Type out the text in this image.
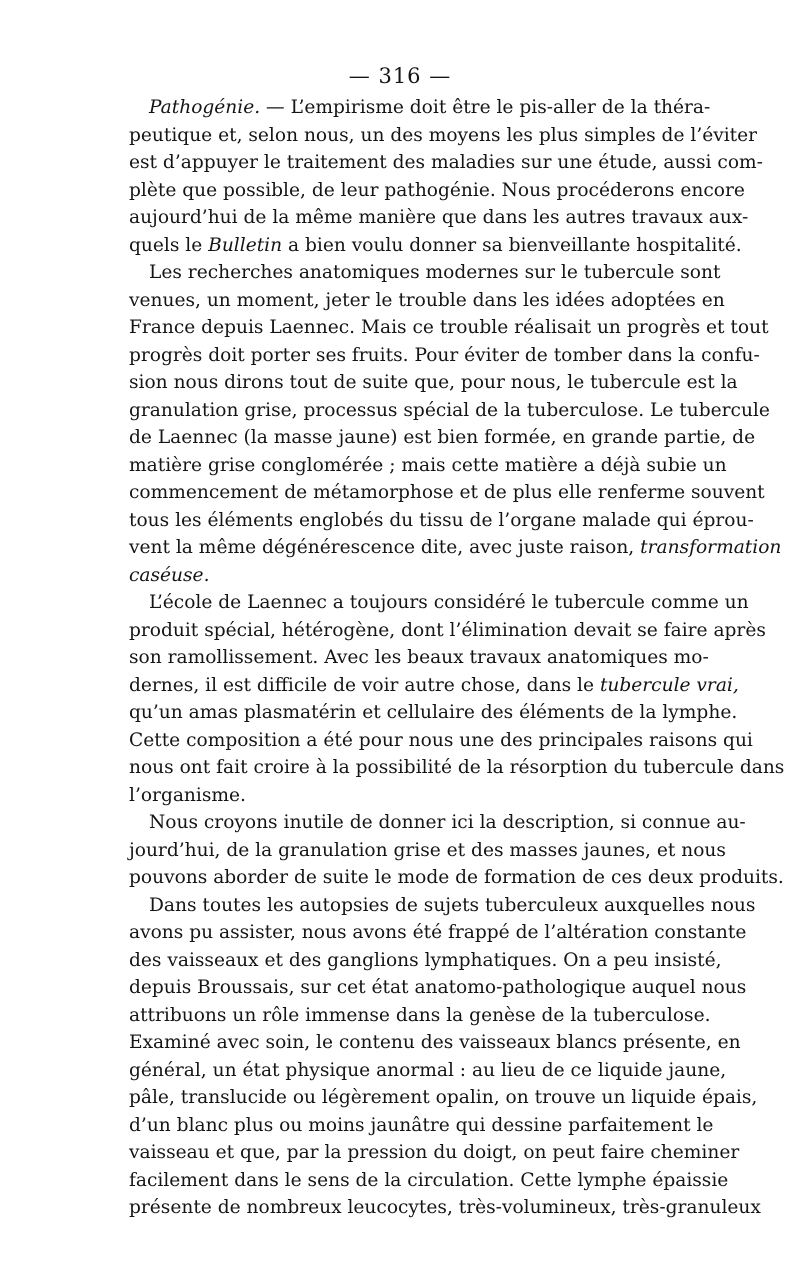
— 316 —
Pathogénie. — L’empirisme doit être le pis-aller de la théra-
peutique et, selon nous, un des moyens les plus simples de l’éviter
est d’appuyer le traitement des maladies sur une étude, aussi com-
plète que possible, de leur pathogénie. Nous procéderons encore
aujourd’hui de la même manière que dans les autres travaux aux-
quels le Bulletin a bien voulu donner sa bienveillante hospitalité.
Les recherches anatomiques modernes sur le tubercule sont
venues, un moment, jeter le trouble dans les idées adoptées en
France depuis Laennec. Mais ce trouble réalisait un progrès et tout
progrès doit porter ses fruits. Pour éviter de tomber dans la confu-
sion nous dirons tout de suite que, pour nous, le tubercule est la
granulation grise, processus spécial de la tuberculose. Le tubercule
de Laennec (la masse jaune) est bien formée, en grande partie, de
matière grise conglomérée ; mais cette matière a déjà subie un
commencement de métamorphose et de plus elle renferme souvent
tous les éléments englobés du tissu de l’organe malade qui éprou-
vent la même dégénérescence dite, avec juste raison, transformation
caséuse.
L’école de Laennec a toujours considéré le tubercule comme un
produit spécial, hétérogène, dont l’élimination devait se faire après
son ramollissement. Avec les beaux travaux anatomiques mo-
dernes, il est difficile de voir autre chose, dans le tubercule vrai,
qu’un amas plasmatérin et cellulaire des éléments de la lymphe.
Cette composition a été pour nous une des principales raisons qui
nous ont fait croire à la possibilité de la résorption du tubercule dans
l’organisme.
Nous croyons inutile de donner ici la description, si connue au-
jourd’hui, de la granulation grise et des masses jaunes, et nous
pouvons aborder de suite le mode de formation de ces deux produits.
Dans toutes les autopsies de sujets tuberculeux auxquelles nous
avons pu assister, nous avons été frappé de l’altération constante
des vaisseaux et des ganglions lymphatiques. On a peu insisté,
depuis Broussais, sur cet état anatomo-pathologique auquel nous
attribuons un rôle immense dans la genèse de la tuberculose.
Examiné avec soin, le contenu des vaisseaux blancs présente, en
général, un état physique anormal : au lieu de ce liquide jaune,
pâle, translucide ou légèrement opalin, on trouve un liquide épais,
d’un blanc plus ou moins jaunâtre qui dessine parfaitement le
vaisseau et que, par la pression du doigt, on peut faire cheminer
facilement dans le sens de la circulation. Cette lymphe épaissie
présente de nombreux leucocytes, très-volumineux, très-granuleux
